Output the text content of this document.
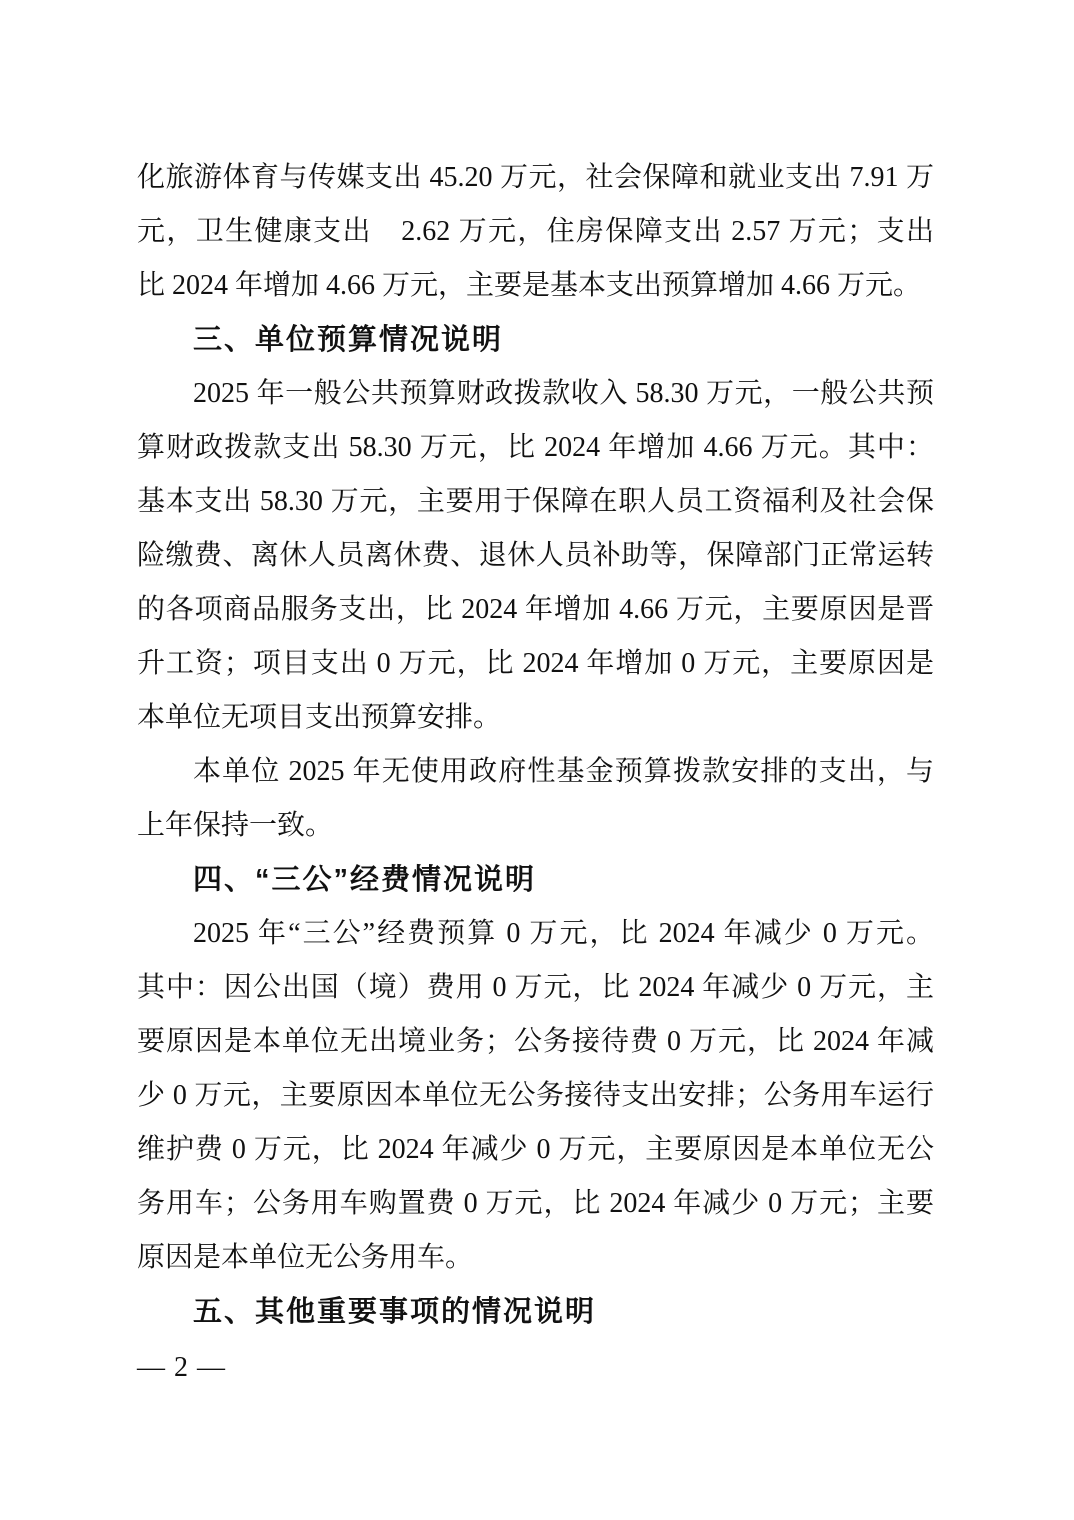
化旅游体育与传媒支出 45.20 万元，社会保障和就业支出 7.91 万
元，卫生健康支出　2.62 万元，住房保障支出 2.57 万元；支出
比 2024 年增加 4.66 万元，主要是基本支出预算增加 4.66 万元。
三、单位预算情况说明
2025 年一般公共预算财政拨款收入 58.30 万元，一般公共预
算财政拨款支出 58.30 万元，比 2024 年增加 4.66 万元。其中：
基本支出 58.30 万元，主要用于保障在职人员工资福利及社会保
险缴费、离休人员离休费、退休人员补助等，保障部门正常运转
的各项商品服务支出，比 2024 年增加 4.66 万元，主要原因是晋
升工资；项目支出 0 万元，比 2024 年增加 0 万元，主要原因是
本单位无项目支出预算安排。
本单位 2025 年无使用政府性基金预算拨款安排的支出，与
上年保持一致。
四、“三公”经费情况说明
2025 年“三公”经费预算 0 万元，比 2024 年减少 0 万元。
其中：因公出国（境）费用 0 万元，比 2024 年减少 0 万元，主
要原因是本单位无出境业务；公务接待费 0 万元，比 2024 年减
少 0 万元，主要原因本单位无公务接待支出安排；公务用车运行
维护费 0 万元，比 2024 年减少 0 万元，主要原因是本单位无公
务用车；公务用车购置费 0 万元，比 2024 年减少 0 万元；主要
原因是本单位无公务用车。
五、其他重要事项的情况说明
— 2 —
